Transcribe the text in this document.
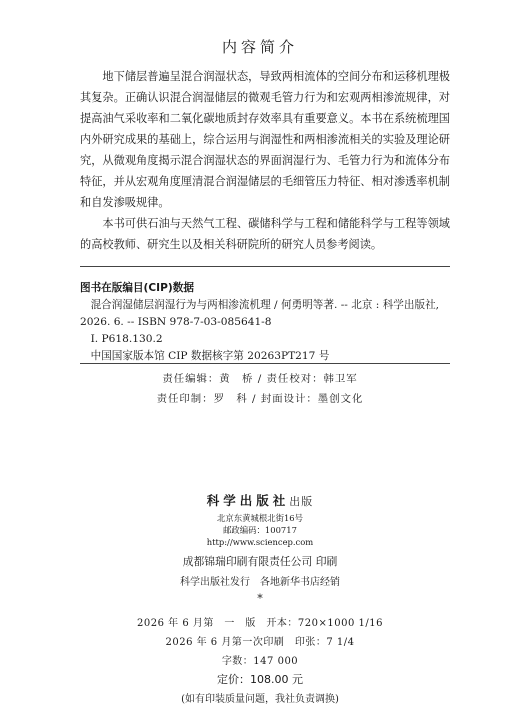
内容简介

地下储层普遍呈混合润湿状态，导致两相流体的空间分布和运移机理极其复杂。正确认识混合润湿储层的微观毛管力行为和宏观两相渗流规律，对提高油气采收率和二氧化碳地质封存效率具有重要意义。本书在系统梳理国内外研究成果的基础上，综合运用与润湿性和两相渗流相关的实验及理论研究，从微观角度揭示混合润湿状态的界面润湿行为、毛管力行为和流体分布特征，并从宏观角度厘清混合润湿储层的毛细管压力特征、相对渗透率机制和自发渗吸规律。

本书可供石油与天然气工程、碳储科学与工程和储能科学与工程等领域的高校教师、研究生以及相关科研院所的研究人员参考阅读。

图书在版编目(CIP)数据
混合润湿储层润湿行为与两相渗流机理 / 何勇明等著. -- 北京 : 科学出版社, 2026. 6. -- ISBN 978-7-03-085641-8
Ⅰ. P618.130.2
中国国家版本馆 CIP 数据核字第 20263PT217 号
责任编辑：黄　桥 / 责任校对：韩卫军
责任印制：罗　科 / 封面设计：墨创文化
科学出版社出版
北京东黄城根北街16号
邮政编码：100717
http://www.sciencep.com
成都锦瑞印刷有限责任公司 印刷
科学出版社发行　各地新华书店经销
*
2026 年 6 月第　一　版　开本：720×1000 1/16
2026 年 6 月第一次印刷　印张：7 1/4
字数：147 000
定价：108.00 元
(如有印装质量问题，我社负责调换)
